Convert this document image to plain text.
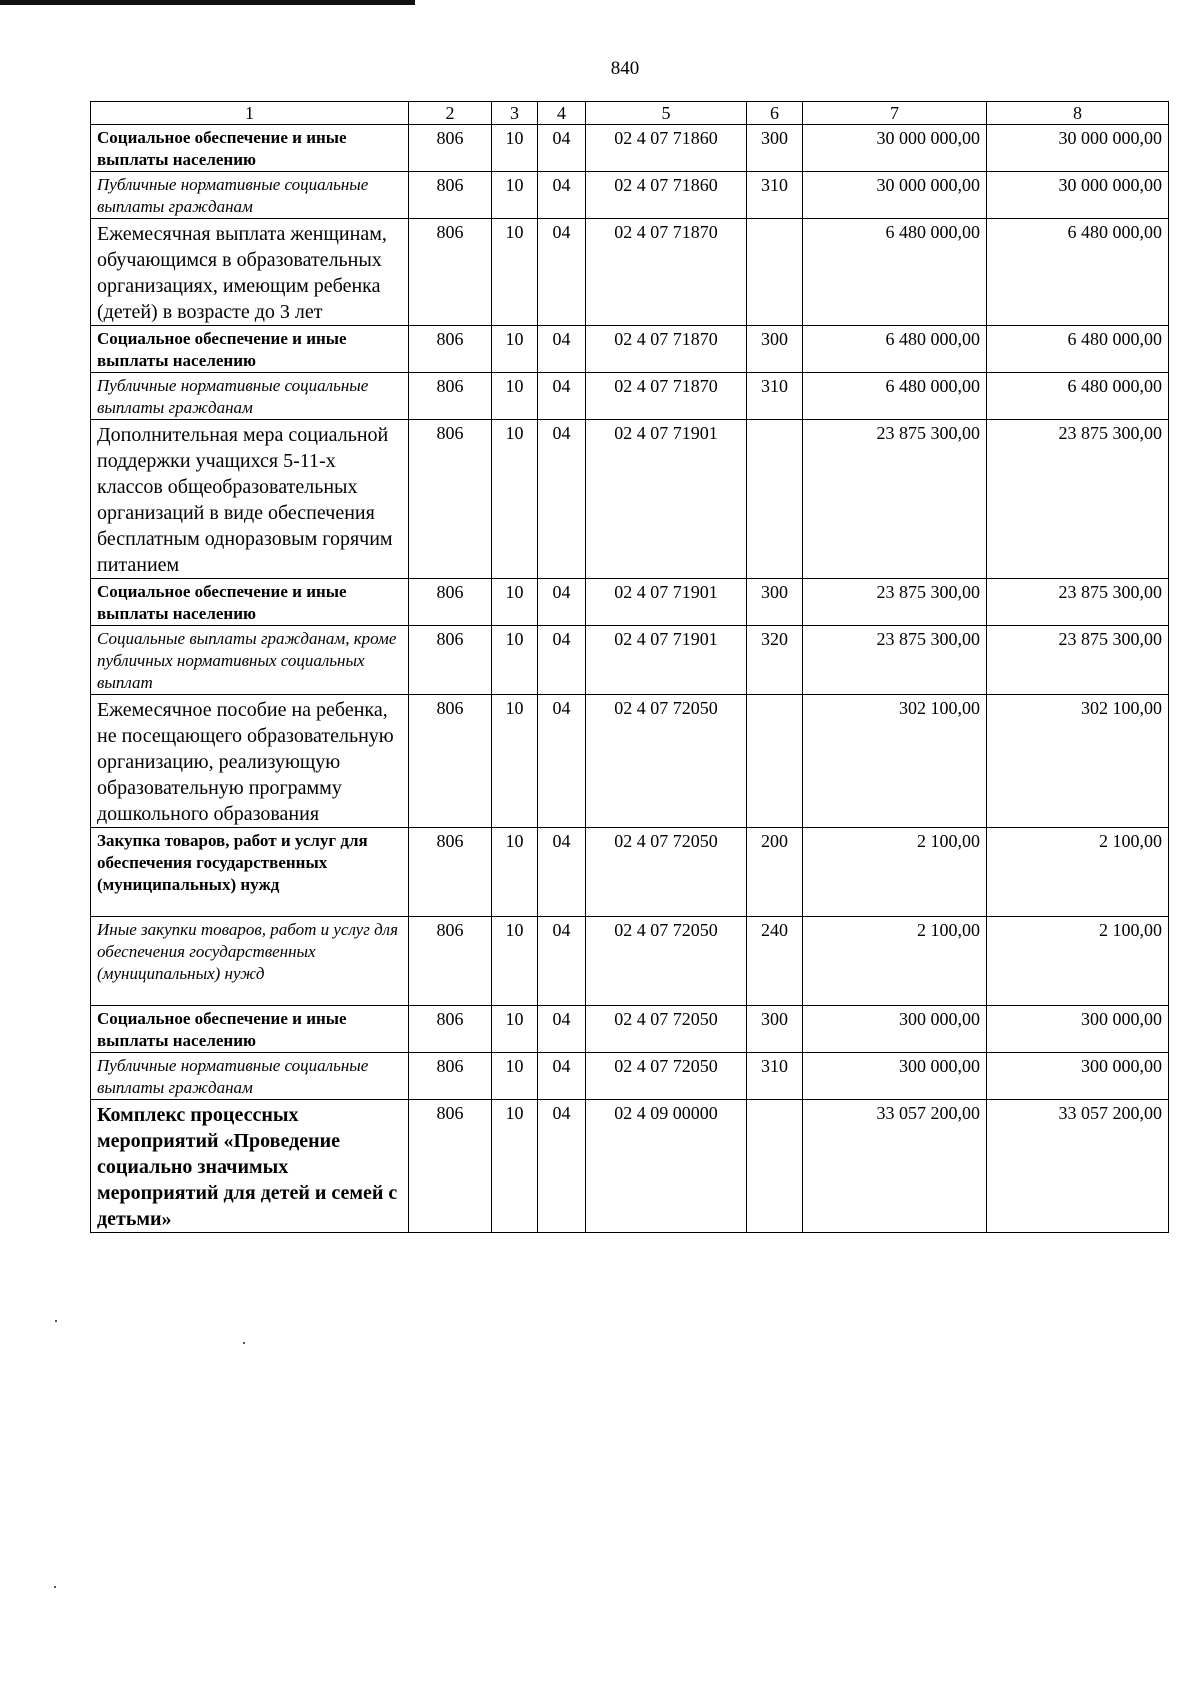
840
1	2	3	4	5	6	7	8
Социальное обеспечение и иные выплаты населению	806	10	04	02 4 07 71860	300	30 000 000,00	30 000 000,00
Публичные нормативные социальные выплаты гражданам	806	10	04	02 4 07 71860	310	30 000 000,00	30 000 000,00
Ежемесячная выплата женщинам, обучающимся в образовательных организациях, имеющим ребенка (детей) в возрасте до 3 лет	806	10	04	02 4 07 71870		6 480 000,00	6 480 000,00
Социальное обеспечение и иные выплаты населению	806	10	04	02 4 07 71870	300	6 480 000,00	6 480 000,00
Публичные нормативные социальные выплаты гражданам	806	10	04	02 4 07 71870	310	6 480 000,00	6 480 000,00
Дополнительная мера социальной поддержки учащихся 5-11-х классов общеобразовательных организаций в виде обеспечения бесплатным одноразовым горячим питанием	806	10	04	02 4 07 71901		23 875 300,00	23 875 300,00
Социальное обеспечение и иные выплаты населению	806	10	04	02 4 07 71901	300	23 875 300,00	23 875 300,00
Социальные выплаты гражданам, кроме публичных нормативных социальных выплат	806	10	04	02 4 07 71901	320	23 875 300,00	23 875 300,00
Ежемесячное пособие на ребенка, не посещающего образовательную организацию, реализующую образовательную программу дошкольного образования	806	10	04	02 4 07 72050		302 100,00	302 100,00
Закупка товаров, работ и услуг для обеспечения государственных (муниципальных) нужд	806	10	04	02 4 07 72050	200	2 100,00	2 100,00
Иные закупки товаров, работ и услуг для обеспечения государственных (муниципальных) нужд	806	10	04	02 4 07 72050	240	2 100,00	2 100,00
Социальное обеспечение и иные выплаты населению	806	10	04	02 4 07 72050	300	300 000,00	300 000,00
Публичные нормативные социальные выплаты гражданам	806	10	04	02 4 07 72050	310	300 000,00	300 000,00
Комплекс процессных мероприятий «Проведение социально значимых мероприятий для детей и семей с детьми»	806	10	04	02 4 09 00000		33 057 200,00	33 057 200,00
